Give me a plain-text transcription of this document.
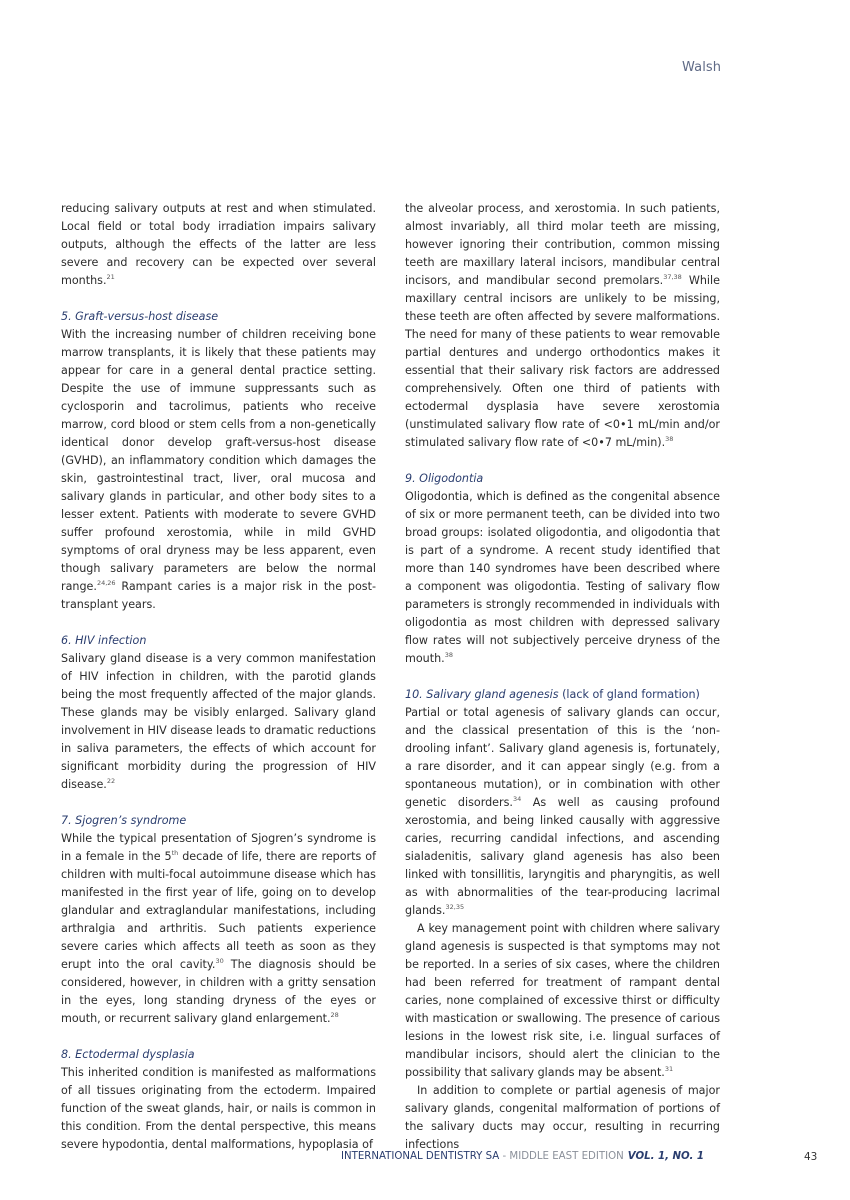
Walsh

reducing salivary outputs at rest and when stimulated. Local field or total body irradiation impairs salivary outputs, although the effects of the latter are less severe and recovery can be expected over several months.$^{21}$

5. Graft-versus-host disease

With the increasing number of children receiving bone marrow transplants, it is likely that these patients may appear for care in a general dental practice setting. Despite the use of immune suppressants such as cyclosporin and tacrolimus, patients who receive marrow, cord blood or stem cells from a non-genetically identical donor develop graft-versus-host disease (GVHD), an inflammatory condition which damages the skin, gastrointestinal tract, liver, oral mucosa and salivary glands in particular, and other body sites to a lesser extent. Patients with moderate to severe GVHD suffer profound xerostomia, while in mild GVHD symptoms of oral dryness may be less apparent, even though salivary parameters are below the normal range.$^{24,26}$ Rampant caries is a major risk in the post-transplant years.

6. HIV infection

Salivary gland disease is a very common manifestation of HIV infection in children, with the parotid glands being the most frequently affected of the major glands. These glands may be visibly enlarged. Salivary gland involvement in HIV disease leads to dramatic reductions in saliva parameters, the effects of which account for significant morbidity during the progression of HIV disease.$^{22}$

7. Sjogren’s syndrome

While the typical presentation of Sjogren’s syndrome is in a female in the 5th decade of life, there are reports of children with multi-focal autoimmune disease which has manifested in the first year of life, going on to develop glandular and extraglandular manifestations, including arthralgia and arthritis. Such patients experience severe caries which affects all teeth as soon as they erupt into the oral cavity.$^{30}$ The diagnosis should be considered, however, in children with a gritty sensation in the eyes, long standing dryness of the eyes or mouth, or recurrent salivary gland enlargement.$^{28}$

8. Ectodermal dysplasia

This inherited condition is manifested as malformations of all tissues originating from the ectoderm. Impaired function of the sweat glands, hair, or nails is common in this condition. From the dental perspective, this means severe hypodontia, dental malformations, hypoplasia of

the alveolar process, and xerostomia. In such patients, almost invariably, all third molar teeth are missing, however ignoring their contribution, common missing teeth are maxillary lateral incisors, mandibular central incisors, and mandibular second premolars.$^{37,38}$ While maxillary central incisors are unlikely to be missing, these teeth are often affected by severe malformations. The need for many of these patients to wear removable partial dentures and undergo orthodontics makes it essential that their salivary risk factors are addressed comprehensively. Often one third of patients with ectodermal dysplasia have severe xerostomia (unstimulated salivary flow rate of <0•1 mL/min and/or stimulated salivary flow rate of <0•7 mL/min).$^{38}$

9. Oligodontia

Oligodontia, which is defined as the congenital absence of six or more permanent teeth, can be divided into two broad groups: isolated oligodontia, and oligodontia that is part of a syndrome. A recent study identified that more than 140 syndromes have been described where a component was oligodontia. Testing of salivary flow parameters is strongly recommended in individuals with oligodontia as most children with depressed salivary flow rates will not subjectively perceive dryness of the mouth.$^{38}$

10. Salivary gland agenesis (lack of gland formation)

Partial or total agenesis of salivary glands can occur, and the classical presentation of this is the ‘non-drooling infant’. Salivary gland agenesis is, fortunately, a rare disorder, and it can appear singly (e.g. from a spontaneous mutation), or in combination with other genetic disorders.$^{34}$ As well as causing profound xerostomia, and being linked causally with aggressive caries, recurring candidal infections, and ascending sialadenitis, salivary gland agenesis has also been linked with tonsillitis, laryngitis and pharyngitis, as well as with abnormalities of the tear-producing lacrimal glands.$^{32,35}$

A key management point with children where salivary gland agenesis is suspected is that symptoms may not be reported. In a series of six cases, where the children had been referred for treatment of rampant dental caries, none complained of excessive thirst or difficulty with mastication or swallowing. The presence of carious lesions in the lowest risk site, i.e. lingual surfaces of mandibular incisors, should alert the clinician to the possibility that salivary glands may be absent.$^{31}$

In addition to complete or partial agenesis of major salivary glands, congenital malformation of portions of the salivary ducts may occur, resulting in recurring infections

INTERNATIONAL DENTISTRY SA - MIDDLE EAST EDITION VOL. 1, NO. 1	43
